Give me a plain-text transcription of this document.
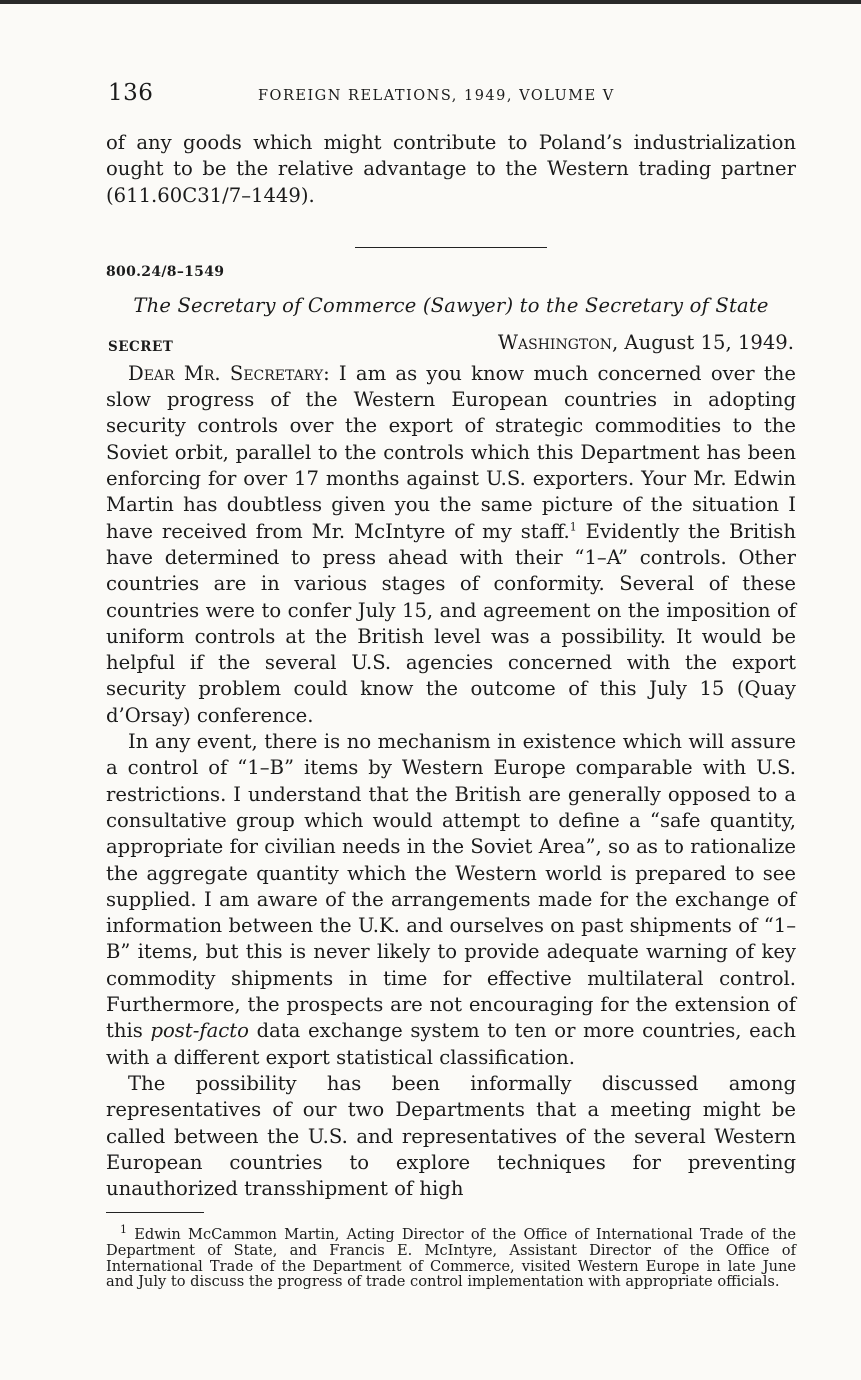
136	FOREIGN RELATIONS, 1949, VOLUME V

of any goods which might contribute to Poland’s industrialization ought to be the relative advantage to the Western trading partner (611.60C31/7–1449).

800.24/8–1549
The Secretary of Commerce (Sawyer) to the Secretary of State
SECRET	Washington, August 15, 1949.

Dear Mr. Secretary: I am as you know much concerned over the slow progress of the Western European countries in adopting security controls over the export of strategic commodities to the Soviet orbit, parallel to the controls which this Department has been enforcing for over 17 months against U.S. exporters. Your Mr. Edwin Martin has doubtless given you the same picture of the situation I have received from Mr. McIntyre of my staff.$^1$ Evidently the British have determined to press ahead with their “1–A” controls. Other countries are in various stages of conformity. Several of these countries were to confer July 15, and agreement on the imposition of uniform controls at the British level was a possibility. It would be helpful if the several U.S. agencies concerned with the export security problem could know the outcome of this July 15 (Quay d’Orsay) conference.

In any event, there is no mechanism in existence which will assure a control of “1–B” items by Western Europe comparable with U.S. restrictions. I understand that the British are generally opposed to a consultative group which would attempt to define a “safe quantity, appropriate for civilian needs in the Soviet Area”, so as to rationalize the aggregate quantity which the Western world is prepared to see supplied. I am aware of the arrangements made for the exchange of information between the U.K. and ourselves on past shipments of “1–B” items, but this is never likely to provide adequate warning of key commodity shipments in time for effective multilateral control. Furthermore, the prospects are not encouraging for the extension of this post-facto data exchange system to ten or more countries, each with a different export statistical classification.

The possibility has been informally discussed among representatives of our two Departments that a meeting might be called between the U.S. and representatives of the several Western European countries to explore techniques for preventing unauthorized transshipment of high

$^1$ Edwin McCammon Martin, Acting Director of the Office of International Trade of the Department of State, and Francis E. McIntyre, Assistant Director of the Office of International Trade of the Department of Commerce, visited Western Europe in late June and July to discuss the progress of trade control implementation with appropriate officials.
